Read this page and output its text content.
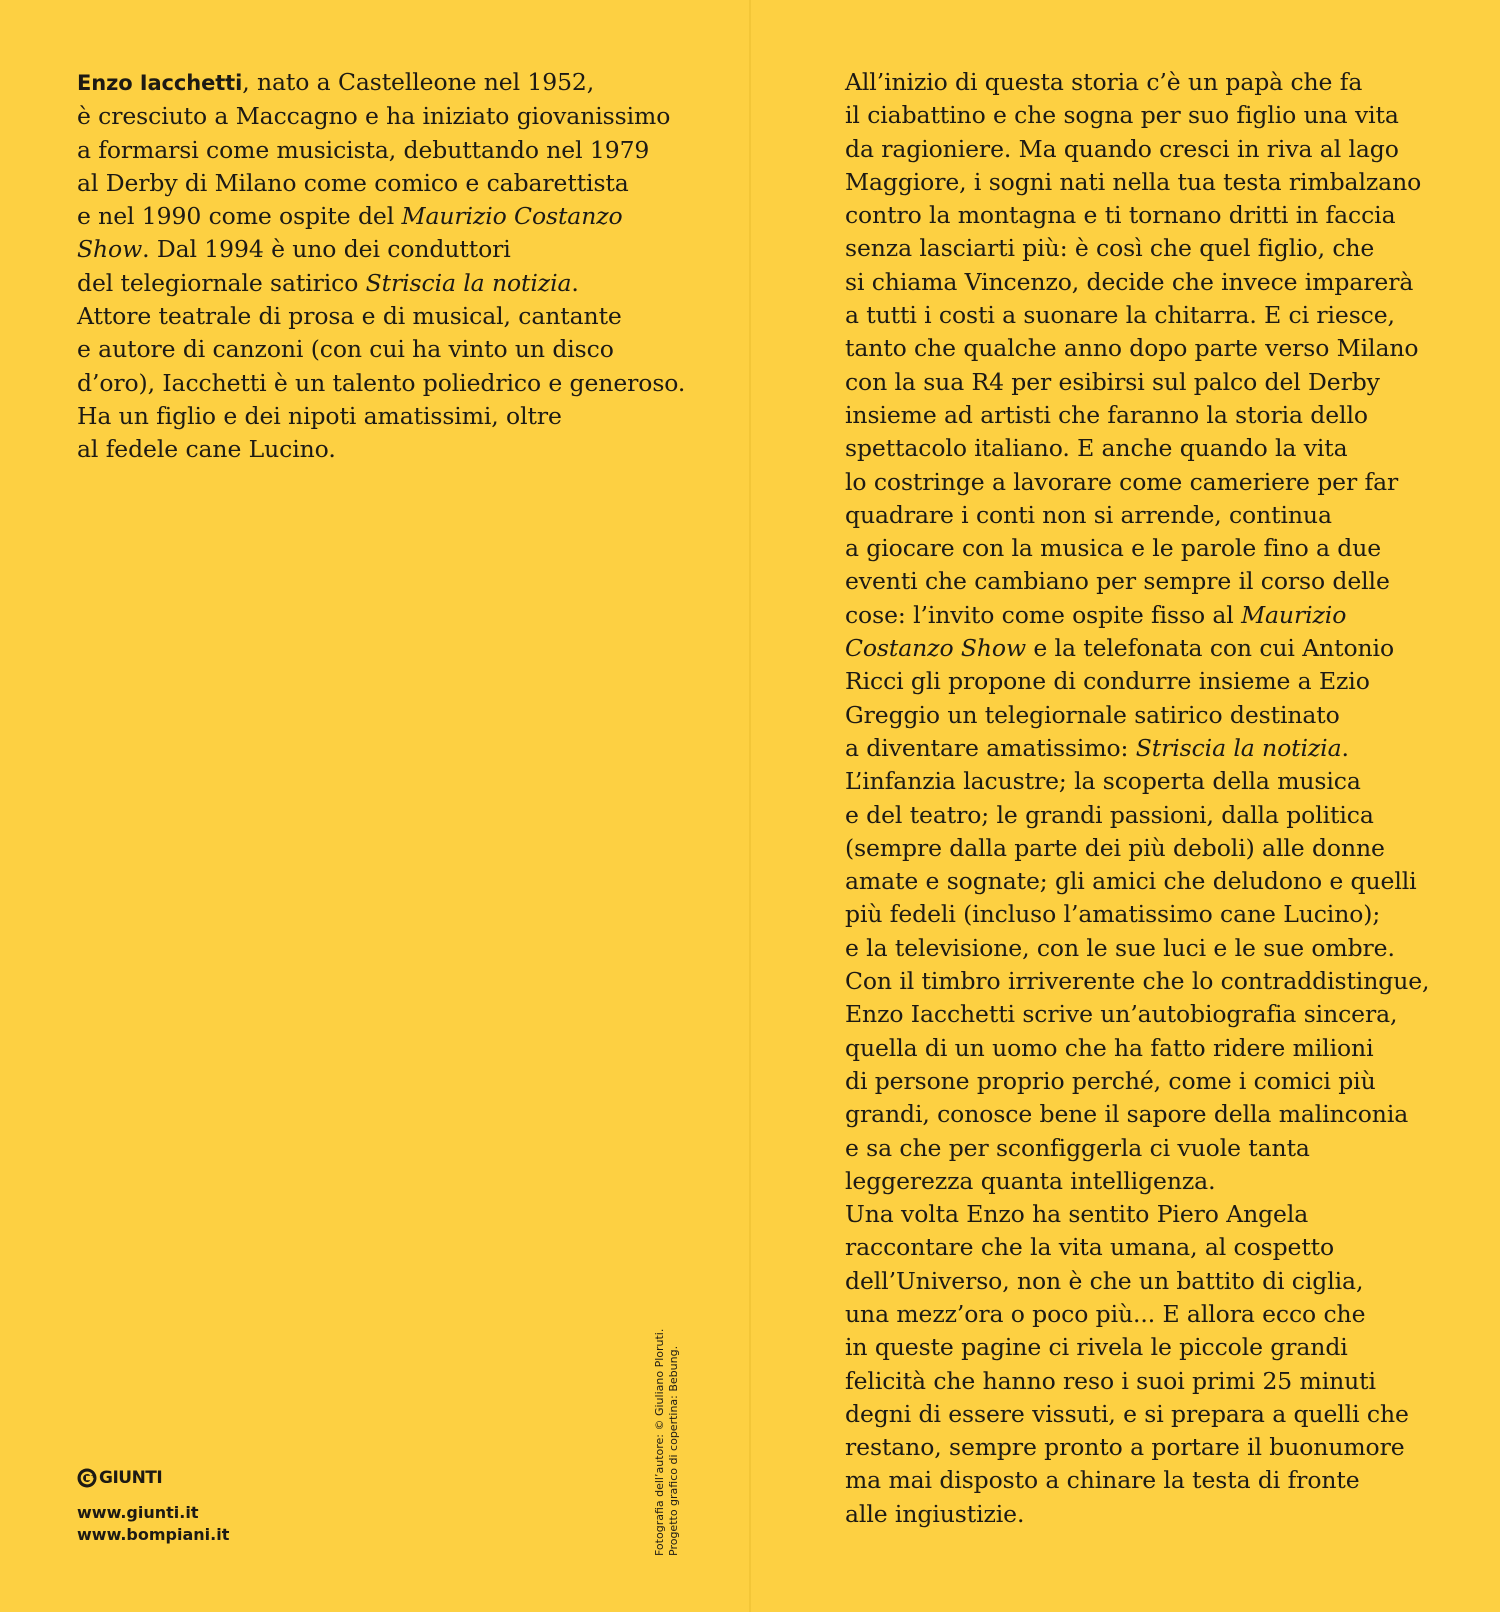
Enzo Iacchetti, nato a Castelleone nel 1952,
è cresciuto a Maccagno e ha iniziato giovanissimo
a formarsi come musicista, debuttando nel 1979
al Derby di Milano come comico e cabarettista
e nel 1990 come ospite del Maurizio Costanzo
Show. Dal 1994 è uno dei conduttori
del telegiornale satirico Striscia la notizia.
Attore teatrale di prosa e di musical, cantante
e autore di canzoni (con cui ha vinto un disco
d’oro), Iacchetti è un talento poliedrico e generoso.
Ha un figlio e dei nipoti amatissimi, oltre
al fedele cane Lucino.
GIUNTI
www.giunti.it
www.bompiani.it	Fotografia dell’autore: © Giuliano Ploruti. Progetto grafico di copertina: Bebung.
All’inizio di questa storia c’è un papà che fa
il ciabattino e che sogna per suo figlio una vita
da ragioniere. Ma quando cresci in riva al lago
Maggiore, i sogni nati nella tua testa rimbalzano
contro la montagna e ti tornano dritti in faccia
senza lasciarti più: è così che quel figlio, che
si chiama Vincenzo, decide che invece imparerà
a tutti i costi a suonare la chitarra. E ci riesce,
tanto che qualche anno dopo parte verso Milano
con la sua R4 per esibirsi sul palco del Derby
insieme ad artisti che faranno la storia dello
spettacolo italiano. E anche quando la vita
lo costringe a lavorare come cameriere per far
quadrare i conti non si arrende, continua
a giocare con la musica e le parole fino a due
eventi che cambiano per sempre il corso delle
cose: l’invito come ospite fisso al Maurizio
Costanzo Show e la telefonata con cui Antonio
Ricci gli propone di condurre insieme a Ezio
Greggio un telegiornale satirico destinato
a diventare amatissimo: Striscia la notizia.
L’infanzia lacustre; la scoperta della musica
e del teatro; le grandi passioni, dalla politica
(sempre dalla parte dei più deboli) alle donne
amate e sognate; gli amici che deludono e quelli
più fedeli (incluso l’amatissimo cane Lucino);
e la televisione, con le sue luci e le sue ombre.
Con il timbro irriverente che lo contraddistingue,
Enzo Iacchetti scrive un’autobiografia sincera,
quella di un uomo che ha fatto ridere milioni
di persone proprio perché, come i comici più
grandi, conosce bene il sapore della malinconia
e sa che per sconfiggerla ci vuole tanta
leggerezza quanta intelligenza.
Una volta Enzo ha sentito Piero Angela
raccontare che la vita umana, al cospetto
dell’Universo, non è che un battito di ciglia,
una mezz’ora o poco più... E allora ecco che
in queste pagine ci rivela le piccole grandi
felicità che hanno reso i suoi primi 25 minuti
degni di essere vissuti, e si prepara a quelli che
restano, sempre pronto a portare il buonumore
ma mai disposto a chinare la testa di fronte
alle ingiustizie.
